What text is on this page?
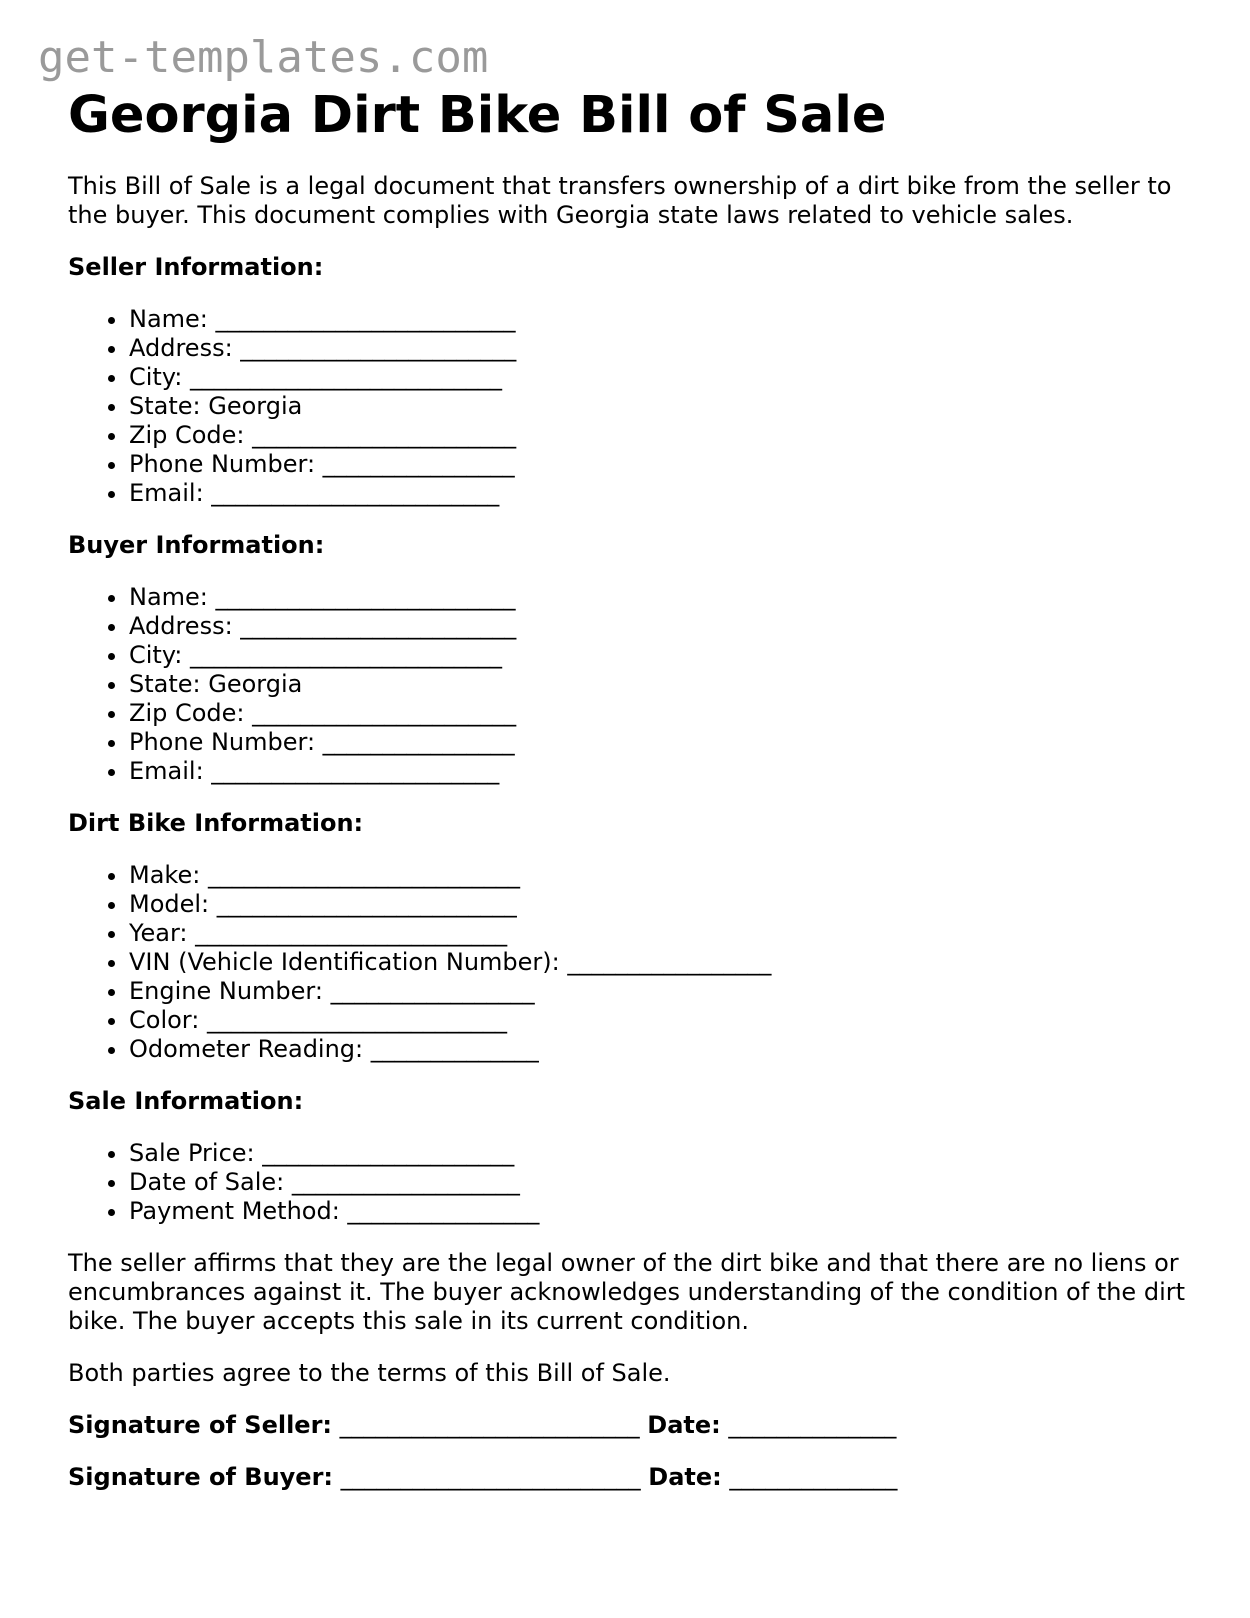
get-templates.com
Georgia Dirt Bike Bill of Sale

This Bill of Sale is a legal document that transfers ownership of a dirt bike from the seller to the buyer. This document complies with Georgia state laws related to vehicle sales.

Seller Information:
• Name: _________________________
• Address: _______________________
• City: __________________________
• State: Georgia
• Zip Code: ______________________
• Phone Number: ________________
• Email: ________________________
Buyer Information:
• Name: _________________________
• Address: _______________________
• City: __________________________
• State: Georgia
• Zip Code: ______________________
• Phone Number: ________________
• Email: ________________________
Dirt Bike Information:
• Make: __________________________
• Model: _________________________
• Year: __________________________
• VIN (Vehicle Identification Number): _________________
• Engine Number: _________________
• Color: _________________________
• Odometer Reading: ______________
Sale Information:
• Sale Price: _____________________
• Date of Sale: ___________________
• Payment Method: ________________

The seller affirms that they are the legal owner of the dirt bike and that there are no liens or encumbrances against it. The buyer acknowledges understanding of the condition of the dirt bike. The buyer accepts this sale in its current condition.

Both parties agree to the terms of this Bill of Sale.

Signature of Seller: _________________________ Date: ______________
Signature of Buyer: _________________________ Date: ______________
